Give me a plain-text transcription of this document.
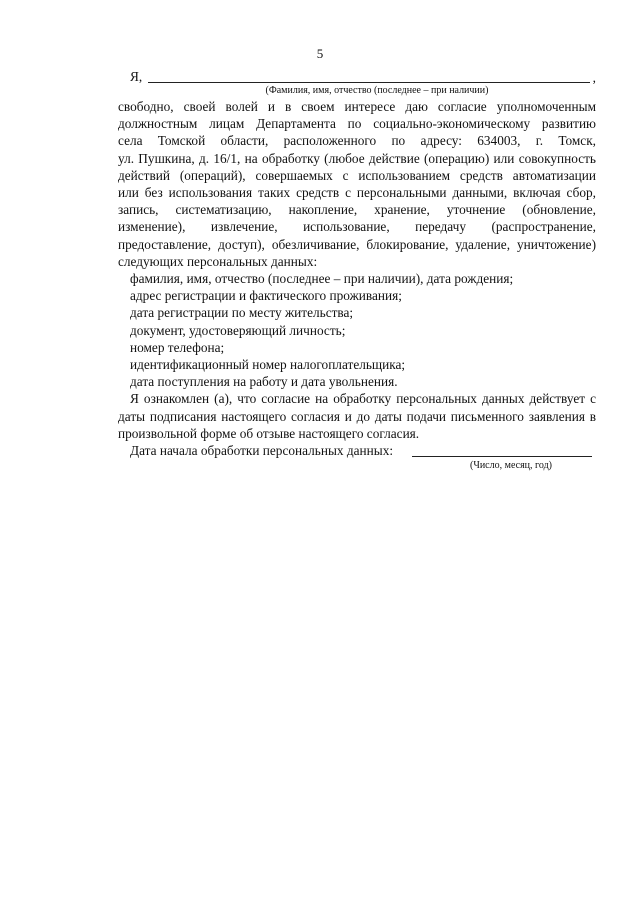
5
Я,	,
(Фамилия, имя, отчество (последнее – при наличии)

свободно, своей волей и в своем интересе даю согласие уполномоченным

должностным лицам Департамента по социально-экономическому развитию

села Томской области, расположенного по адресу: 634003, г. Томск,

ул. Пушкина, д. 16/1, на обработку (любое действие (операцию) или совокупность

действий (операций), совершаемых с использованием средств автоматизации

или без использования таких средств с персональными данными, включая сбор,

запись, систематизацию, накопление, хранение, уточнение (обновление,

изменение), извлечение, использование, передачу (распространение,

предоставление, доступ), обезличивание, блокирование, удаление, уничтожение)

следующих персональных данных:

фамилия, имя, отчество (последнее – при наличии), дата рождения;
адрес регистрации и фактического проживания;
дата регистрации по месту жительства;
документ, удостоверяющий личность;
номер телефона;
идентификационный номер налогоплательщика;
дата поступления на работу и дата увольнения.

Я ознакомлен (а), что согласие на обработку персональных данных действует с даты подписания настоящего согласия и до даты подачи письменного заявления в произвольной форме об отзыве настоящего согласия.

Дата начала обработки персональных данных:
(Число, месяц, год)
